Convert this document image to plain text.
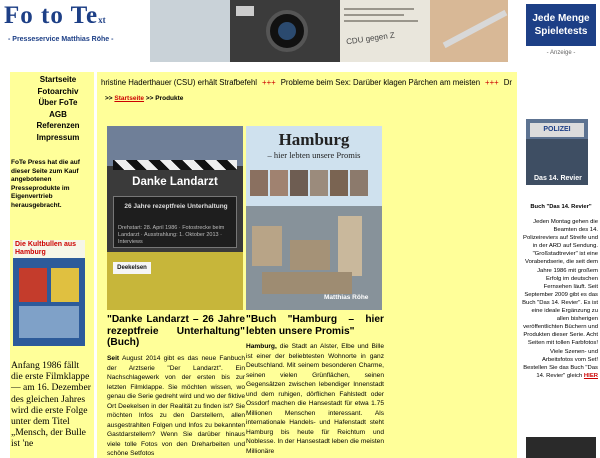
Fo to Text
- Presseservice Matthias Röhe -	CDU gegen Z
Jede Menge Spieletests
- Anzeige -
Startseite
Fotoarchiv
Über FoTe
AGB
Referenzen
Impressum
FoTe Press hat die auf dieser Seite zum Kauf angebotenen Presseprodukte im Eigenvertrieb herausgebracht.
Die Kultbullen aus Hamburg
Anfang 1986 fällt die erste Filmklappe — am 16. Dezember des gleichen Jahres wird die erste Folge unter dem Titel „Mensch, der Bulle ist 'ne
hristine Haderthauer (CSU) erhält Strafbefehl +++ Probleme beim Sex: Darüber klagen Pärchen am meisten +++ Dr
>> Startseite >> Produkte
Danke Landarzt
26 Jahre rezeptfreie Unterhaltung
Drehstart: 28. April 1986 · Fotostrecke beim Landarzt · Ausstrahlung: 1. Oktober 2013 · Interviews
Deekelsen
Hamburg
– hier lebten unsere Promis
Matthias Röhe
"Danke Landarzt – 26 Jahre rezeptfreie Unterhaltung" (Buch)
"Buch "Hamburg – hier lebten unsere Promis"
Seit August 2014 gibt es das neue Fanbuch der Arztserie "Der Landarzt". Ein Nachschlagewerk von der ersten bis zur letzten Filmklappe. Sie möchten wissen, wo genau die Serie gedreht wird und wo der fiktive Ort Deekelsen in der Realität zu finden ist? Sie möchten Infos zu den Darstellern, allen ausgestrahlten Folgen und Infos zu bekannten Gastdarstellern? Wenn Sie darüber hinaus viele tolle Fotos von den Dreharbeiten und schöne Setfotos
Hamburg, die Stadt an Alster, Elbe und Bille ist einer der beliebtesten Wohnorte in ganz Deutschland. Mit seinem besonderen Charme, seinen vielen Grünflächen, seinen Gegensätzen zwischen lebendiger Innenstadt und dem ruhigen, dörflichen Fahlstedt oder Ossdorf machen die Hansestadt für etwa 1.75 Millionen Menschen interessant. Als internationale Handels- und Hafenstadt steht Hamburg bis heute für Reichtum und Noblesse. In der Hansestadt leben die meisten Millionäre
POLIZEI
Das 14. Revier
Buch "Das 14. Revier"
Jeden Montag gehen die Beamten des 14. Polizeireviers auf Streife und in der ARD auf Sendung. "Großstadtrevier" ist eine Vorabendserie, die seit dem Jahre 1986 mit großem Erfolg im deutschen Fernsehen läuft. Seit September 2009 gibt es das Buch "Das 14. Revier". Es ist eine ideale Ergänzung zu allen bisherigen veröffentlichten Büchern und Produkten dieser Serie. Acht Seiten mit tollen Farbfotos! Viele Szenen- und Arbeitsfotos vom Set! Bestellen Sie das Buch "Das 14. Revier" gleich HIER
